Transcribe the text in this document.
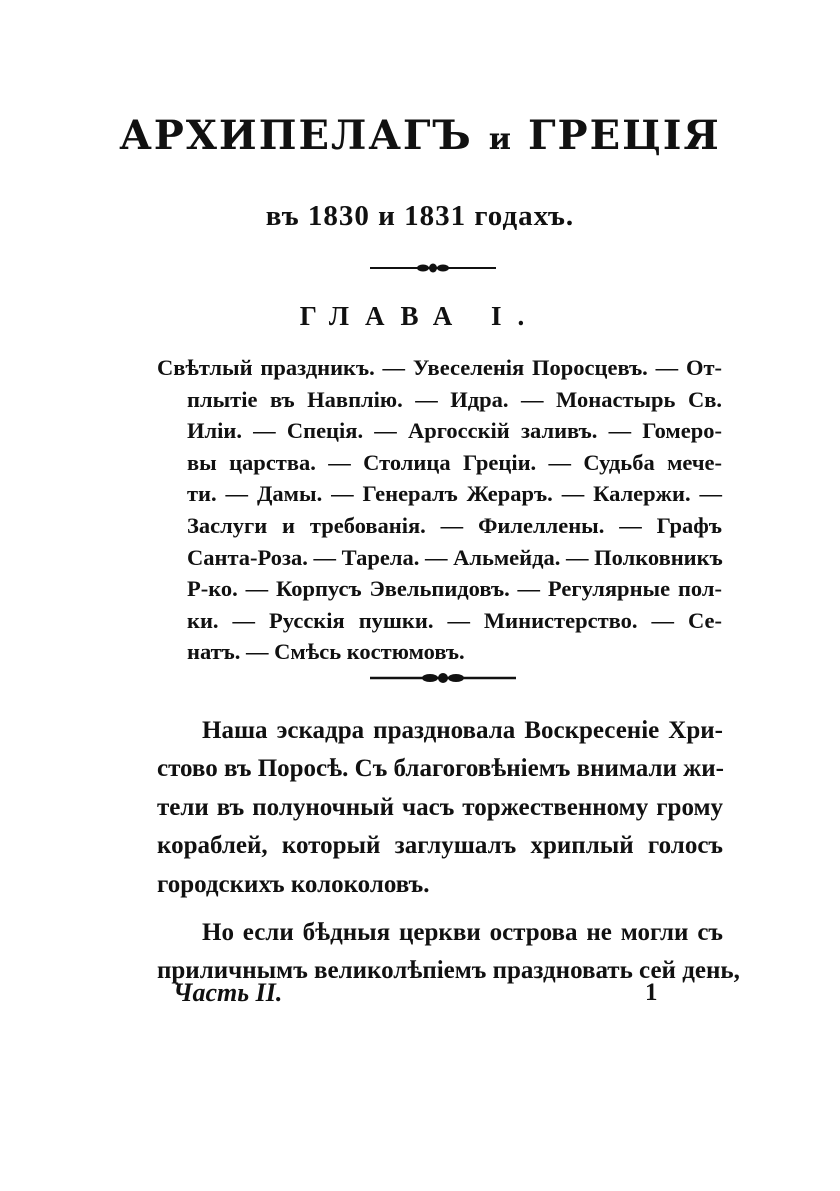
АРХИПЕЛАГЪ и ГРЕЦІЯ
въ 1830 и 1831 годахъ.
ГЛАВА I.
Свѣтлый праздникъ. — Увеселенія Поросцевъ. — От-
плытіе въ Навплію. — Идра. — Монастырь Св.
Иліи. — Спеція. — Аргосскій заливъ. — Гомеро-
вы царства. — Столица Греціи. — Судьба мече-
ти. — Дамы. — Генералъ Жераръ. — Калержи. —
Заслуги и требованія. — Филеллены. — Графъ
Санта-Роза. — Тарела. — Альмейда. — Полковникъ
Р-ко. — Корпусъ Эвельпидовъ. — Регулярные пол-
ки. — Русскія пушки. — Министерство. — Се-
натъ. — Смѣсь костюмовъ.
Наша эскадра праздновала Воскресеніе Хри-
стово въ Поросѣ. Съ благоговѣніемъ внимали жи-
тели въ полуночный часъ торжественному грому
кораблей, который заглушалъ хриплый голосъ
городскихъ колоколовъ.
Но если бѣдныя церкви острова не могли съ
приличнымъ великолѣпіемъ праздновать сей день,
Часть II.	1
